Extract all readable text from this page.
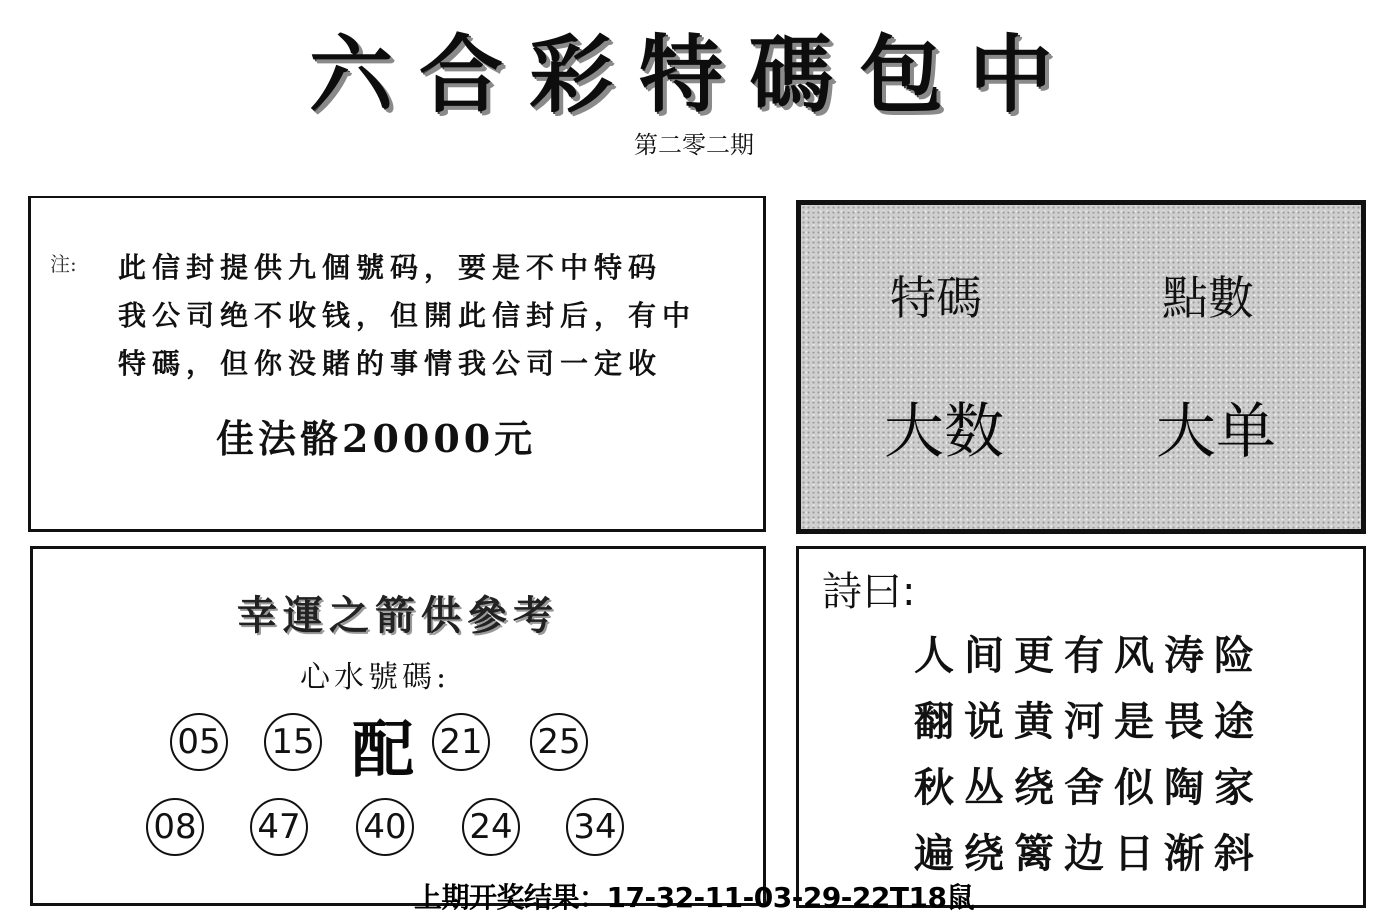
六合彩特碼包中
第二零二期
注: 此信封提供九個號码，要是不中特码
我公司绝不收钱，但開此信封后，有中
特碼，但你没賭的事情我公司一定收
佳法骼20000元
特碼	點數
大数	大单
幸運之箭供參考
心水號碼:
05 15 配 21 25
08 47 40 24 34
詩曰:
人间更有风涛险
翻说黄河是畏途
秋丛绕舍似陶家
遍绕篱边日渐斜
上期开奖结果：17-32-11-03-29-22T18鼠
